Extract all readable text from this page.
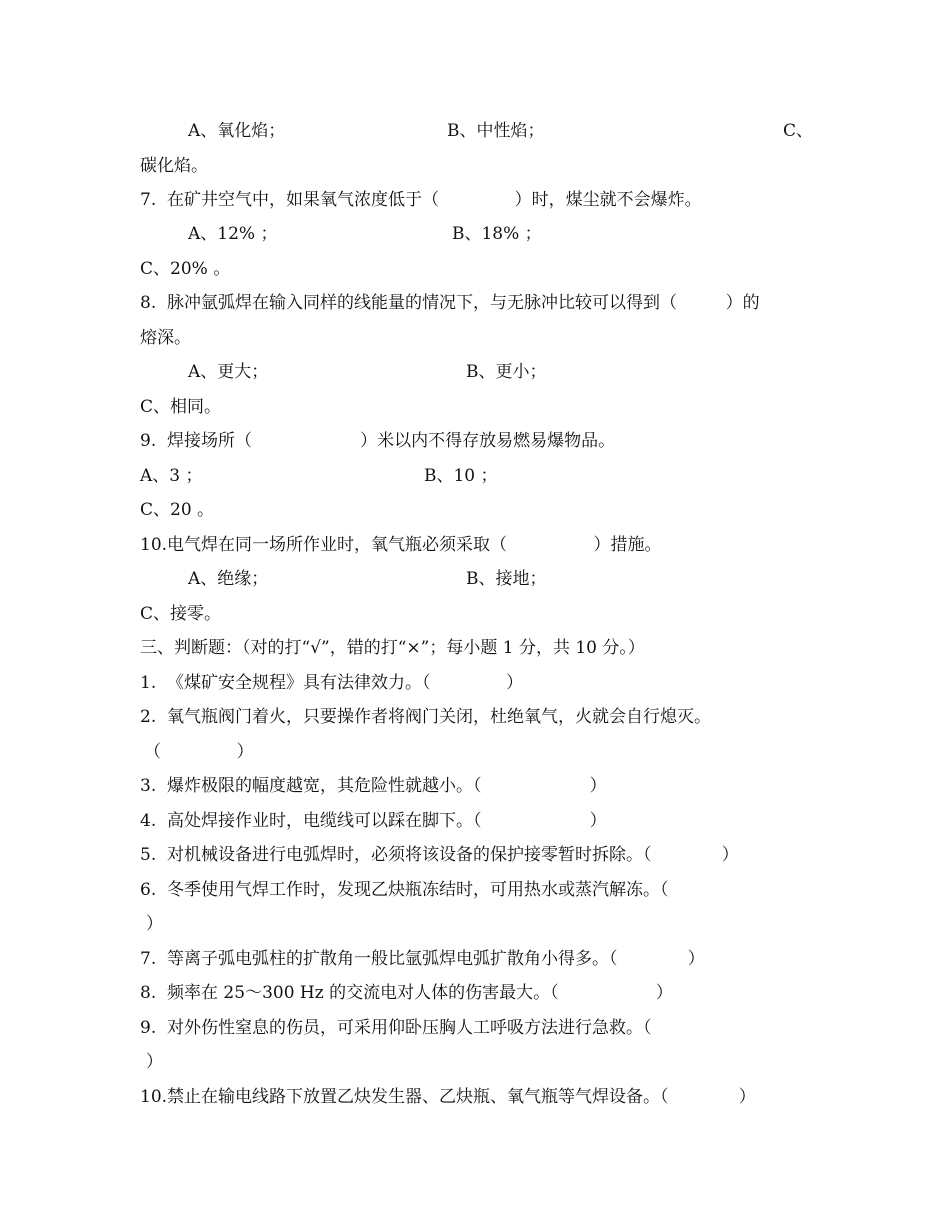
A、氧化焰；	B、中性焰；	C、
碳化焰。
7.  在矿井空气中，如果氧气浓度低于（              ）时，煤尘就不会爆炸。
A、12% ；	B、18% ；
C、20% 。
8.  脉冲氩弧焊在输入同样的线能量的情况下，与无脉冲比较可以得到（         ）的
熔深。
A、更大；	B、更小；
C、相同。
9.  焊接场所（                    ）米以内不得存放易燃易爆物品。
A、3 ；	B、10 ；
C、20 。
10.电气焊在同一场所作业时，氧气瓶必须采取（                ）措施。
A、绝缘；	B、接地；
C、接零。
三、判断题：（对的打“√”，错的打“×”；每小题 1 分，共 10 分。）
1.  《煤矿安全规程》具有法律效力。（              ）
2.  氧气瓶阀门着火，只要操作者将阀门关闭，杜绝氧气，火就会自行熄灭。
（              ）
3.  爆炸极限的幅度越宽，其危险性就越小。（                    ）
4.  高处焊接作业时，电缆线可以踩在脚下。（                    ）
5.  对机械设备进行电弧焊时，必须将该设备的保护接零暂时拆除。（             ）
6.  冬季使用气焊工作时，发现乙炔瓶冻结时，可用热水或蒸汽解冻。（
）
7.  等离子弧电弧柱的扩散角一般比氩弧焊电弧扩散角小得多。（             ）
8.  频率在 25～300 Hz 的交流电对人体的伤害最大。（                  ）
9.  对外伤性窒息的伤员，可采用仰卧压胸人工呼吸方法进行急救。（
）
10.禁止在输电线路下放置乙炔发生器、乙炔瓶、氧气瓶等气焊设备。（             ）
